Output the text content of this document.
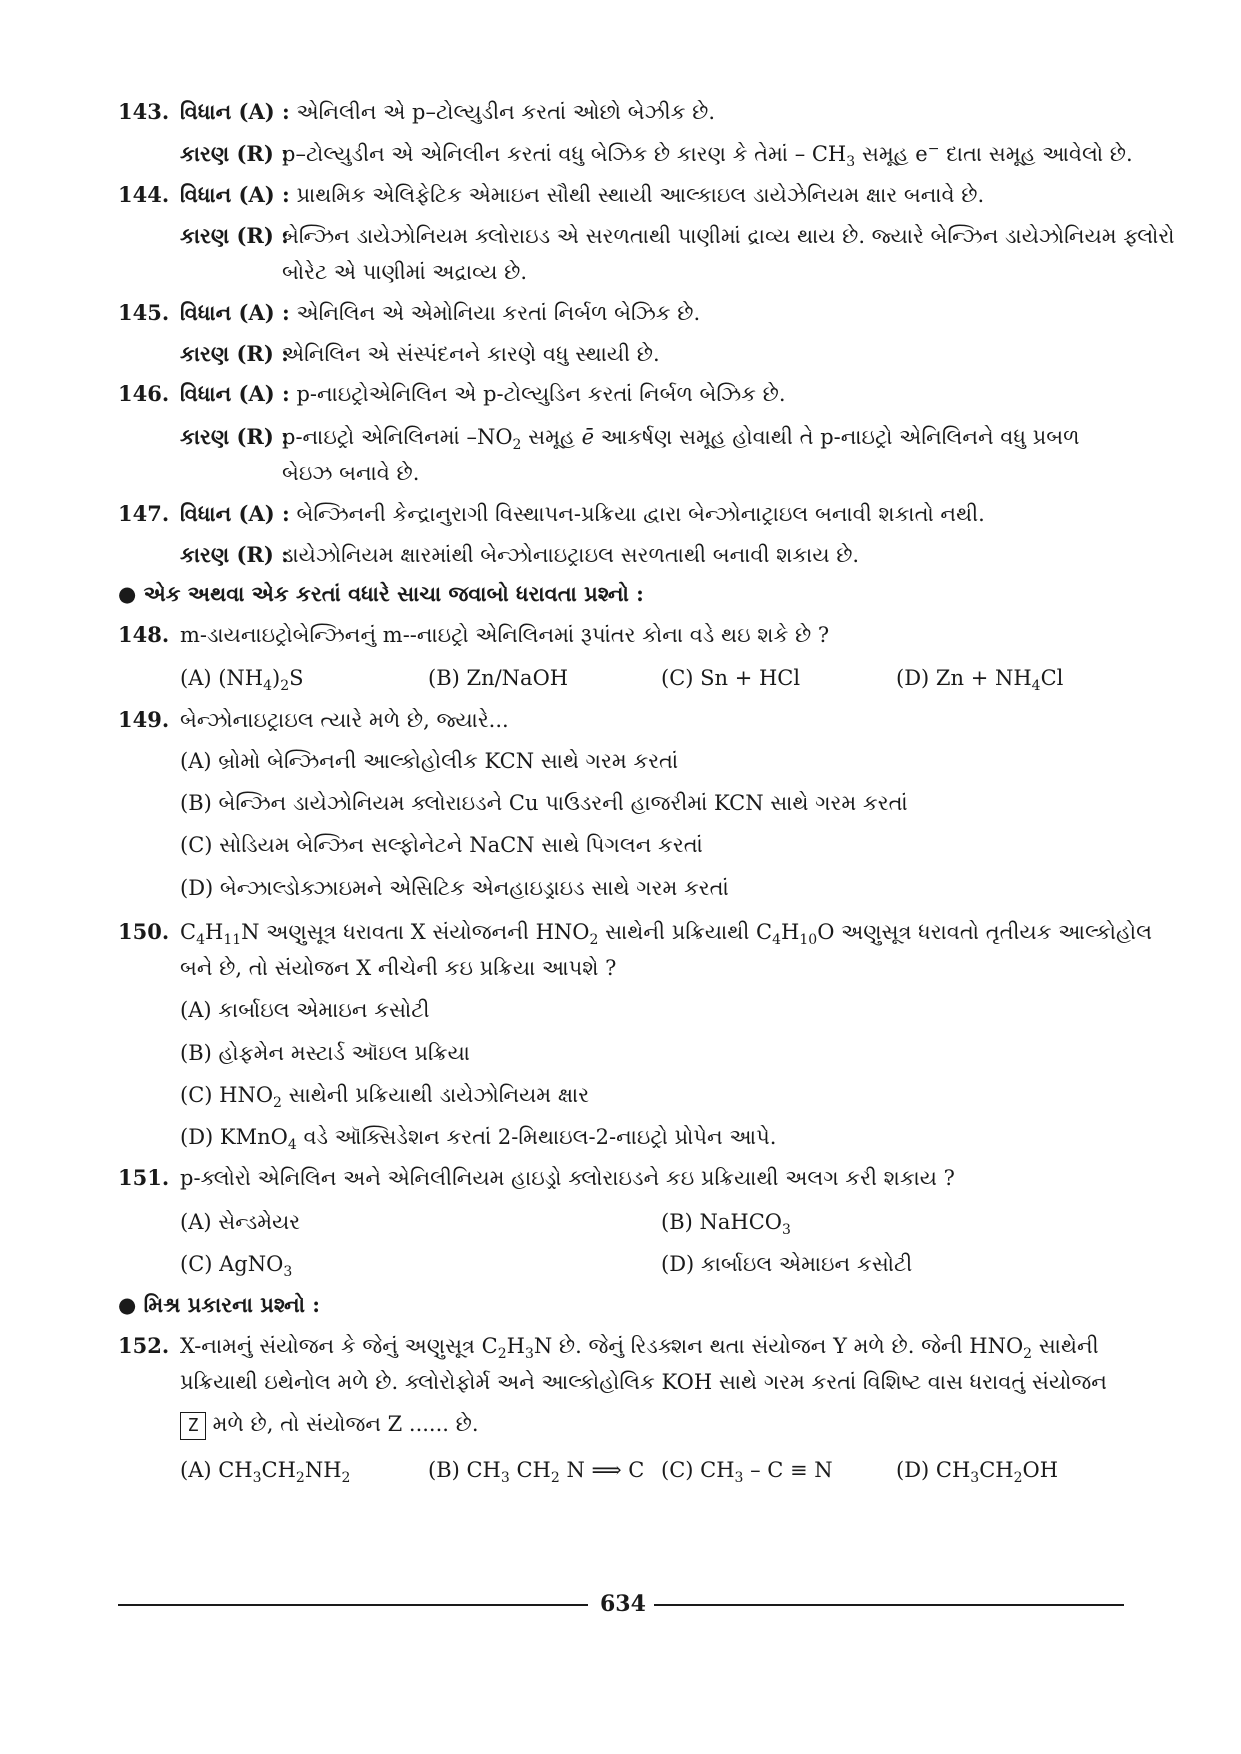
143. વિધાન (A) : એનિલીન એ p–ટોલ્યુડીન કરતાં ઓછો બેઝીક છે.
કારણ (R) :
p–ટોલ્યુડીન એ એનિલીન કરતાં વધુ બેઝિક છે કારણ કે તેમાં – $CH_3$ સમૂહ e− દાતા સમૂહ આવેલો છે.
144. વિધાન (A) : પ્રાથમિક એલિફેટિક એમાઇન સૌથી સ્થાયી આલ્કાઇલ ડાયેઝેનિયમ ક્ષાર બનાવે છે.
કારણ (R) :
બેન્ઝિન ડાયેઝોનિયમ ક્લોરાઇડ એ સરળતાથી પાણીમાં દ્રાવ્ય થાય છે. જ્યારે બેન્ઝિન ડાયેઝોનિયમ ફ્લોરો
બોરેટ એ પાણીમાં અદ્રાવ્ય છે.
145. વિધાન (A) : એનિલિન એ એમોનિયા કરતાં નિર્બળ બેઝિક છે.
કારણ (R) :
એનિલિન એ સંસ્પંદનને કારણે વધુ સ્થાયી છે.
146. વિધાન (A) : p-નાઇટ્રોએનિલિન એ p-ટોલ્યુડિન કરતાં નિર્બળ બેઝિક છે.
કારણ (R) :
p-નાઇટ્રો એનિલિનમાં $-NO_2$ સમૂહ ē આકર્ષણ સમૂહ હોવાથી તે p-નાઇટ્રો એનિલિનને વધુ પ્રબળ
બેઇઝ બનાવે છે.
147. વિધાન (A) : બેન્ઝિનની કેન્દ્રાનુરાગી વિસ્થાપન-પ્રક્રિયા દ્વારા બેન્ઝોનાટ્રાઇલ બનાવી શકાતો નથી.
કારણ (R) :
ડાયેઝોનિયમ ક્ષારમાંથી બેન્ઝોનાઇટ્રાઇલ સરળતાથી બનાવી શકાય છે.
● એક અથવા એક કરતાં વધારે સાચા જવાબો ધરાવતા પ્રશ્નો :
148. m-ડાયનાઇટ્રોબેન્ઝિનનું m--નાઇટ્રો એનિલિનમાં રૂપાંતર કોના વડે થઇ શકે છે ?
(A) $(NH_4)_2S$	(B) Zn/NaOH	(C) Sn + HCl	(D) $Zn + NH_4Cl$
149. બેન્ઝોનાઇટ્રાઇલ ત્યારે મળે છે, જ્યારે...
(A) બ્રોમો બેન્ઝિનની આલ્કોહોલીક KCN સાથે ગરમ કરતાં
(B) બેન્ઝિન ડાયેઝોનિયમ ક્લોરાઇડને Cu પાઉડરની હાજરીમાં KCN સાથે ગરમ કરતાં
(C) સોડિયમ બેન્ઝિન સલ્ફોનેટને NaCN સાથે પિગલન કરતાં
(D) બેન્ઝાલ્ડોક્ઝાઇમને એસિટિક એનહાઇડ્રાઇડ સાથે ગરમ કરતાં
150. $C_4H_{11}N$ અણુસૂત્ર ધરાવતા X સંયોજનની $HNO_2$ સાથેની પ્રક્રિયાથી $C_4H_{10}O$ અણુસૂત્ર ધરાવતો તૃતીયક આલ્કોહોલ
બને છે, તો સંયોજન X નીચેની કઇ પ્રક્રિયા આપશે ?
(A) કાર્બાઇલ એમાઇન કસોટી
(B) હોફમેન મસ્ટાર્ડ ઑઇલ પ્રક્રિયા
(C) $HNO_2$ સાથેની પ્રક્રિયાથી ડાયેઝોનિયમ ક્ષાર
(D) KMnO$_4$ વડે ઑક્સિડેશન કરતાં 2-મિથાઇલ-2-નાઇટ્રો પ્રોપેન આપે.
151. p-ક્લોરો એનિલિન અને એનિલીનિયમ હાઇડ્રો ક્લોરાઇડને કઇ પ્રક્રિયાથી અલગ કરી શકાય ?
(A) સેન્ડમેયર	(B) NaHCO$_3$
(C) AgNO$_3$	(D) કાર્બાઇલ એમાઇન કસોટી
● મિશ્ર પ્રકારના પ્રશ્નો :
152. X-નામનું સંયોજન કે જેનું અણુસૂત્ર $C_2H_3N$ છે. જેનું રિડક્શન થતા સંયોજન Y મળે છે. જેની $HNO_2$ સાથેની
પ્રક્રિયાથી ઇથેનોલ મળે છે. ક્લોરોફોર્મ અને આલ્કોહોલિક KOH સાથે ગરમ કરતાં વિશિષ્ટ વાસ ધરાવતું સંયોજન
Z મળે છે, તો સંયોજન Z ...... છે.
(A) $CH_3CH_2NH_2$	(B) $CH_3$ $CH_2$ N ⟹ C (C) $CH_3 - C \equiv N$	(D) $CH_3CH_2OH$
634
